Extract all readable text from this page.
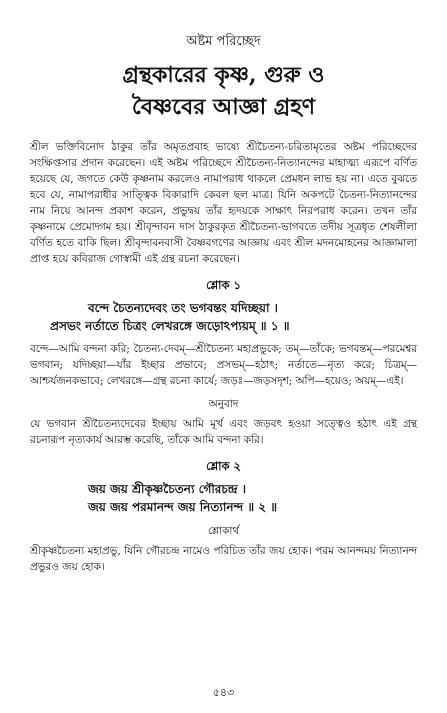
অষ্টম পরিচ্ছেদ
গ্রন্থকারের কৃষ্ণ, গুরু ও
বৈষ্ণবের আজ্ঞা গ্রহণ

শ্রীল ভক্তিবিনোদ ঠাকুর তাঁর অমৃতপ্রবাহ ভাষ্যে শ্রীচৈতন্য-চরিতামৃতের অষ্টম পরিচ্ছেদের সংক্ষিপ্তসার প্রদান করেছেন। এই অষ্টম পরিচ্ছেদে শ্রীচৈতন্য-নিত্যানন্দের মাহাত্ম্য এরূপে বর্ণিত হয়েছে যে, জগতে কেউ কৃষ্ণনাম করলেও নামাপরাধ থাকলে প্রেমধন লাভ হয় না। এতে বুঝতে হবে যে, নামাপরাধীর সাত্ত্বিক বিকারাদি কেবল ছল মাত্র। যিনি অকপটে চৈতন্য-নিত্যানন্দের নাম নিয়ে আনন্দ প্রকাশ করেন, প্রভুদ্বয় তাঁর হৃদয়কে সাক্ষাৎ নিরপরাধ করেন। তখন তাঁর কৃষ্ণনামে প্রেমোদ্গম হয়। শ্রীবৃন্দাবন দাস ঠাকুরকৃত শ্রীচৈতন্য-ভাগবতে তদীয় সূত্রধৃত শেষলীলা বর্ণিত হতে বাকি ছিল। শ্রীবৃন্দাবনবাসী বৈষ্ণবগণের আজ্ঞায় এবং শ্রীল মদনমোহনের আজ্ঞামালা প্রাপ্ত হয়ে কবিরাজ গোস্বামী এই গ্রন্থ রচনা করেছেন।

শ্লোক ১
বন্দে চৈতন্যদেবং তং ভগবন্তং যদিচ্ছয়া ।
প্রসভং নর্তাতে চিত্রং লেখরঙ্গে জড়োঽপ্যয়ম্ ॥ ১ ॥

বন্দে—আমি বন্দনা করি; চৈতন্য-দেবম্—শ্রীচৈতন্য মহাপ্রভুকে; তম্—তাঁকে; ভগবন্তম্—পরমেশ্বর ভগবান; যদিচ্ছয়া—যাঁর ইচ্ছার প্রভাবে; প্রসভম্—হঠাৎ; নর্তাতে—নৃত্য করে; চিত্রম্—আশ্চর্যজনকভাবে; লেখরঙ্গে—গ্রন্থ রচনা কার্যে; জড়ঃ—জড়সদৃশ; অপি—হয়েও; অয়ম্—এই।

অনুবাদ

যে ভগবান শ্রীচৈতন্যদেবের ইচ্ছায় আমি মূর্খ এবং জড়বৎ হওয়া সত্ত্বেও হঠাৎ এই গ্রন্থ রচনারূপ নৃত্যকার্য আরম্ভ করেছি, তাঁকে আমি বন্দনা করি।

শ্লোক ২
জয় জয় শ্রীকৃষ্ণচৈতন্য গৌরচন্দ্র ।
জয় জয় পরমানন্দ জয় নিত্যানন্দ ॥ ২ ॥
শ্লোকার্থ

শ্রীকৃষ্ণচৈতন্য মহাপ্রভু, যিনি গৌরচন্দ্র নামেও পরিচিত তাঁর জয় হোক। পরম আনন্দময় নিত্যানন্দ প্রভুরও জয় হোক।

৫৪৩
